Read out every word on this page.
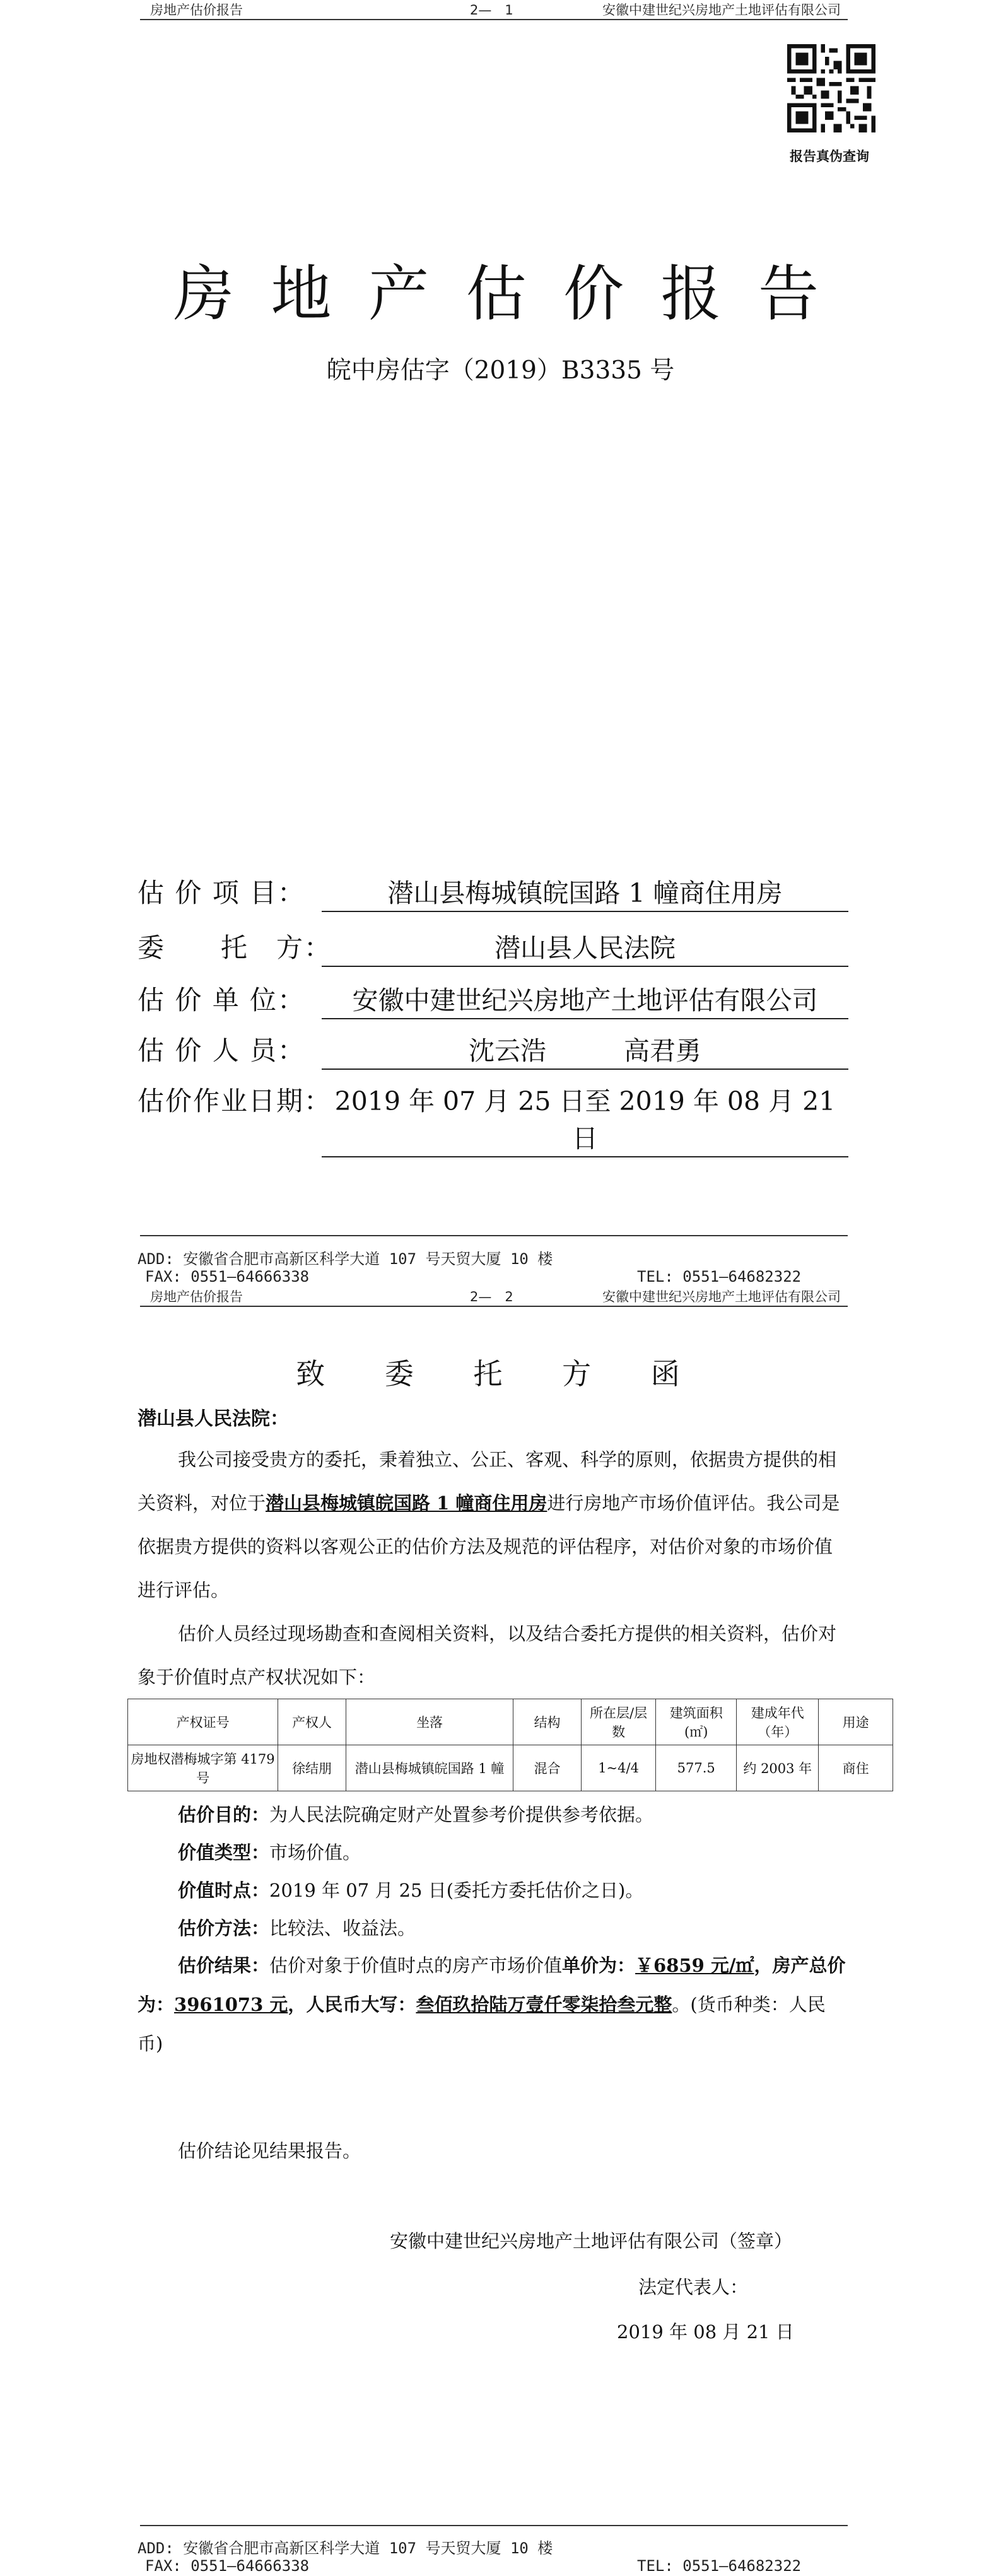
房地产估价报告	2—　1	安徽中建世纪兴房地产土地评估有限公司
报告真伪查询
房 地 产 估 价 报 告
皖中房估字（2019）B3335 号
估 价 项 目：	潜山县梅城镇皖国路 1 幢商住用房
委　　托　方：	潜山县人民法院
估 价 单 位：	安徽中建世纪兴房地产土地评估有限公司
估 价 人 员：	沈云浩　　　高君勇
估价作业日期： 2019 年 07 月 25 日至 2019 年 08 月 21 日
ADD: 安徽省合肥市高新区科学大道 107 号天贸大厦 10 楼
FAX: 0551—64666338	TEL: 0551—64682322
房地产估价报告	2—　2	安徽中建世纪兴房地产土地评估有限公司
致 委 托 方 函
潜山县人民法院：

我公司接受贵方的委托，秉着独立、公正、客观、科学的原则，依据贵方提供的相关资料，对位于潜山县梅城镇皖国路 1 幢商住用房进行房地产市场价值评估。我公司是依据贵方提供的资料以客观公正的估价方法及规范的评估程序，对估价对象的市场价值进行评估。

估价人员经过现场勘查和查阅相关资料，以及结合委托方提供的相关资料，估价对象于价值时点产权状况如下：

产权证号	产权人	坐落	结构	所在层/层数	建筑面积(㎡)	建成年代（年）	用途
房地权潜梅城字第 4179 号	徐结朋	潜山县梅城镇皖国路 1 幢	混合	1~4/4	577.5	约 2003 年	商住

估价目的：为人民法院确定财产处置参考价提供参考依据。

价值类型：市场价值。

价值时点：2019 年 07 月 25 日(委托方委托估价之日)。

估价方法：比较法、收益法。

估价结果：估价对象于价值时点的房产市场价值单价为：￥6859 元/㎡，房产总价为：3961073 元，人民币大写：叁佰玖拾陆万壹仟零柒拾叁元整。(货币种类：人民币)

估价结论见结果报告。

安徽中建世纪兴房地产土地评估有限公司（签章）
法定代表人：
2019 年 08 月 21 日
ADD: 安徽省合肥市高新区科学大道 107 号天贸大厦 10 楼
FAX: 0551—64666338	TEL: 0551—64682322
